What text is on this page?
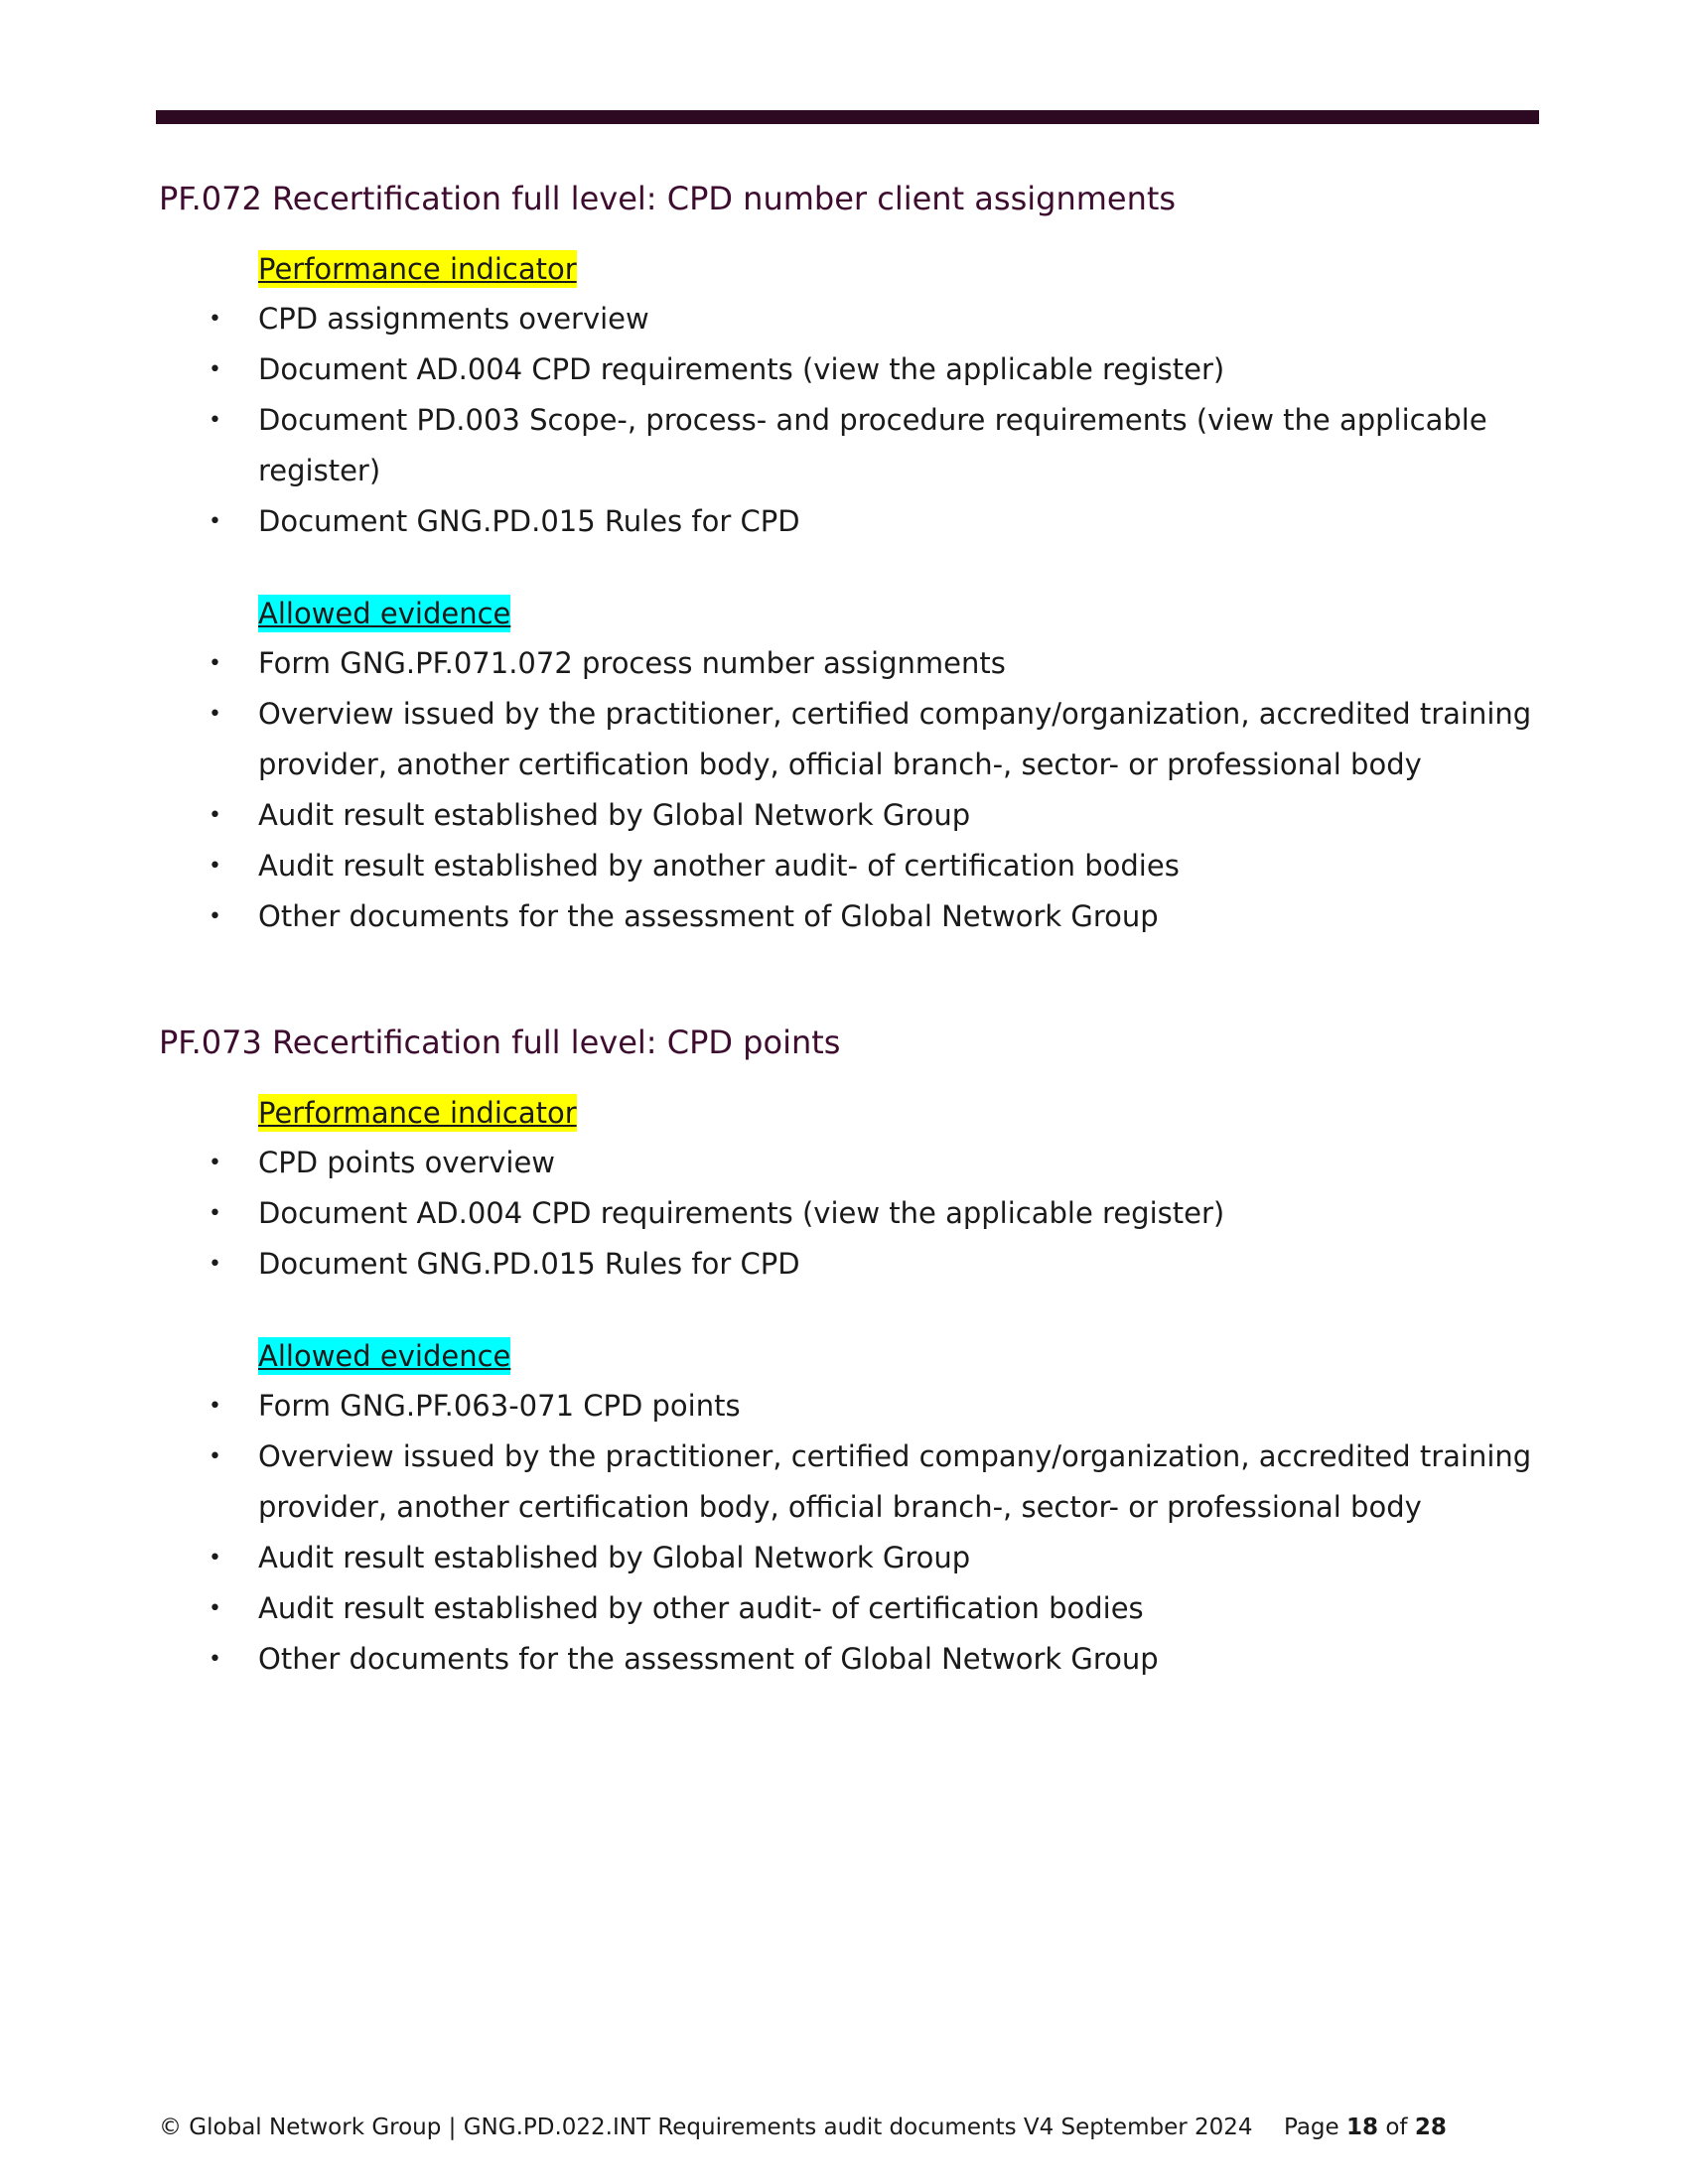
PF.072 Recertification full level: CPD number client assignments
Performance indicator
• CPD assignments overview
• Document AD.004 CPD requirements (view the applicable register)
• Document PD.003 Scope-, process- and procedure requirements (view the applicable register)
• Document GNG.PD.015 Rules for CPD
Allowed evidence
• Form GNG.PF.071.072 process number assignments
• Overview issued by the practitioner, certified company/organization, accredited training provider, another certification body, official branch-, sector- or professional body
• Audit result established by Global Network Group
• Audit result established by another audit- of certification bodies
• Other documents for the assessment of Global Network Group
PF.073 Recertification full level: CPD points
Performance indicator
• CPD points overview
• Document AD.004 CPD requirements (view the applicable register)
• Document GNG.PD.015 Rules for CPD
Allowed evidence
• Form GNG.PF.063-071 CPD points
• Overview issued by the practitioner, certified company/organization, accredited training provider, another certification body, official branch-, sector- or professional body
• Audit result established by Global Network Group
• Audit result established by other audit- of certification bodies
• Other documents for the assessment of Global Network Group
© Global Network Group | GNG.PD.022.INT Requirements audit documents V4 September 2024 Page 18 of 28
